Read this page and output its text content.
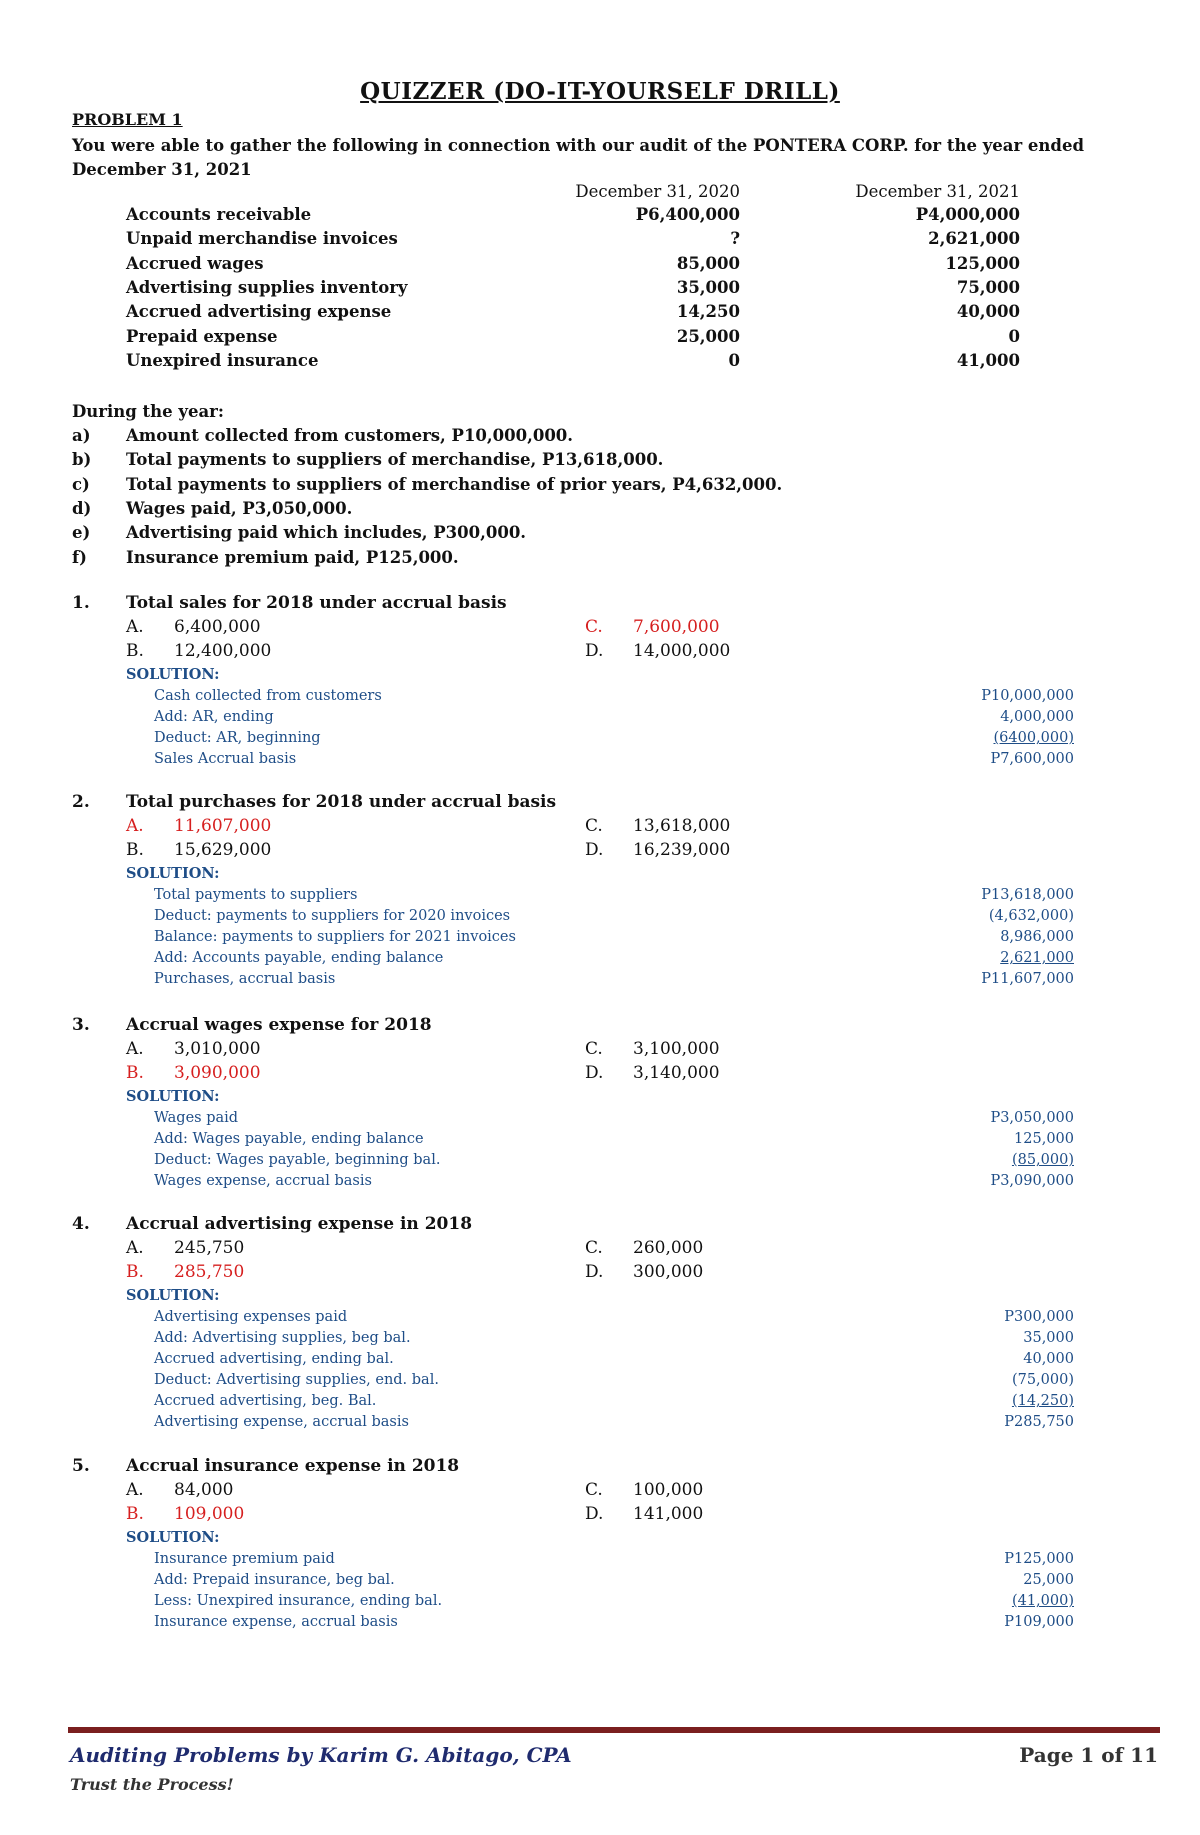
QUIZZER (DO-IT-YOURSELF DRILL)
PROBLEM 1
You were able to gather the following in connection with our audit of the PONTERA CORP. for the year ended December 31, 2021
December 31, 2020	December 31, 2021
Accounts receivable	P6,400,000	P4,000,000
Unpaid merchandise invoices	?	2,621,000
Accrued wages	85,000	125,000
Advertising supplies inventory	35,000	75,000
Accrued advertising expense	14,250	40,000
Prepaid expense	25,000	0
Unexpired insurance	0	41,000
During the year:
a) Amount collected from customers, P10,000,000.
b) Total payments to suppliers of merchandise, P13,618,000.
c) Total payments to suppliers of merchandise of prior years, P4,632,000.
d) Wages paid, P3,050,000.
e) Advertising paid which includes, P300,000.
f) Insurance premium paid, P125,000.
1. Total sales for 2018 under accrual basis
A. 6,400,000
B. 12,400,000
C. 7,600,000
D. 14,000,000
SOLUTION:
Cash collected from customers	P10,000,000
Add: AR, ending	4,000,000
Deduct: AR, beginning	(6400,000)
Sales Accrual basis	P7,600,000
2. Total purchases for 2018 under accrual basis
A. 11,607,000
B. 15,629,000
C. 13,618,000
D. 16,239,000
SOLUTION:
Total payments to suppliers	P13,618,000
Deduct: payments to suppliers for 2020 invoices	(4,632,000)
Balance: payments to suppliers for 2021 invoices	8,986,000
Add: Accounts payable, ending balance	2,621,000
Purchases, accrual basis	P11,607,000
3. Accrual wages expense for 2018
A. 3,010,000
B. 3,090,000
C. 3,100,000
D. 3,140,000
SOLUTION:
Wages paid	P3,050,000
Add: Wages payable, ending balance	125,000
Deduct: Wages payable, beginning bal.	(85,000)
Wages expense, accrual basis	P3,090,000
4. Accrual advertising expense in 2018
A. 245,750
B. 285,750
C. 260,000
D. 300,000
SOLUTION:
Advertising expenses paid	P300,000
Add: Advertising supplies, beg bal.	35,000
Accrued advertising, ending bal.	40,000
Deduct: Advertising supplies, end. bal.	(75,000)
Accrued advertising, beg. Bal.	(14,250)
Advertising expense, accrual basis	P285,750
5. Accrual insurance expense in 2018
A. 84,000
B. 109,000
C. 100,000
D. 141,000
SOLUTION:
Insurance premium paid	P125,000
Add: Prepaid insurance, beg bal.	25,000
Less: Unexpired insurance, ending bal.	(41,000)
Insurance expense, accrual basis	P109,000
Auditing Problems by Karim G. Abitago, CPA
Trust the Process!
Page 1 of 11
